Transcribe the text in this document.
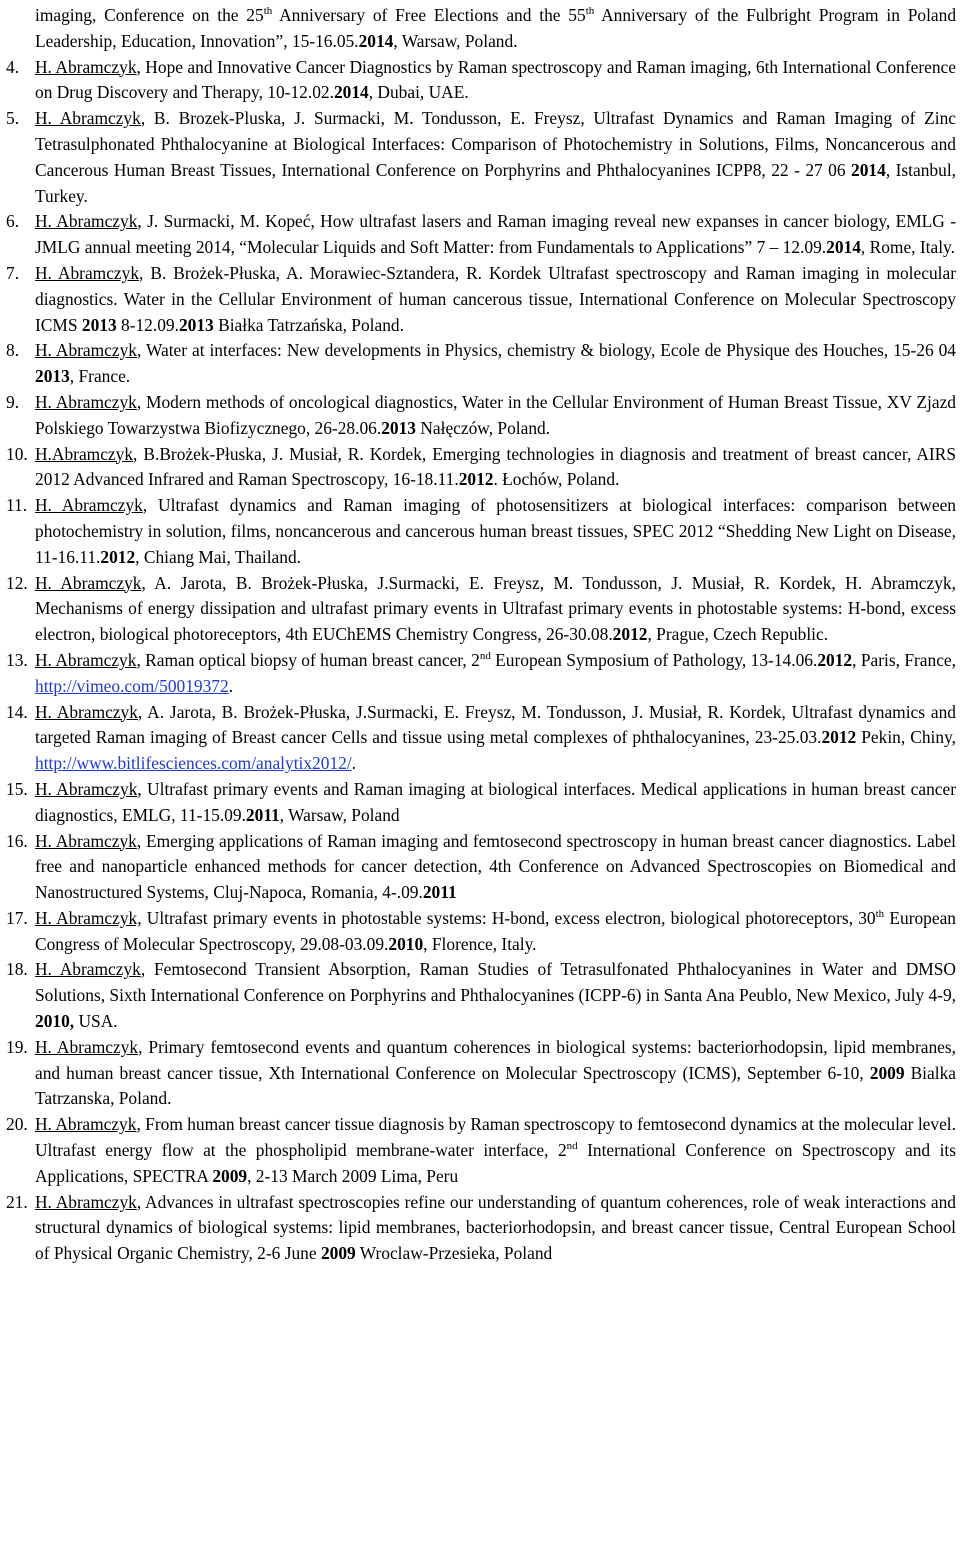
imaging, Conference on the 25th Anniversary of Free Elections and the 55th Anniversary of the Fulbright Program in Poland Leadership, Education, Innovation”, 15-16.05.2014, Warsaw, Poland.
4. H. Abramczyk, Hope and Innovative Cancer Diagnostics by Raman spectroscopy and Raman imaging, 6th International Conference on Drug Discovery and Therapy, 10-12.02.2014, Dubai, UAE.
5. H. Abramczyk, B. Brozek-Pluska, J. Surmacki, M. Tondusson, E. Freysz, Ultrafast Dynamics and Raman Imaging of Zinc Tetrasulphonated Phthalocyanine at Biological Interfaces: Comparison of Photochemistry in Solutions, Films, Noncancerous and Cancerous Human Breast Tissues, International Conference on Porphyrins and Phthalocyanines ICPP8, 22 - 27 06 2014, Istanbul, Turkey.
6. H. Abramczyk, J. Surmacki, M. Kopeć, How ultrafast lasers and Raman imaging reveal new expanses in cancer biology, EMLG - JMLG annual meeting 2014, “Molecular Liquids and Soft Matter: from Fundamentals to Applications” 7 – 12.09.2014, Rome, Italy.
7. H. Abramczyk, B. Brożek-Płuska, A. Morawiec-Sztandera, R. Kordek Ultrafast spectroscopy and Raman imaging in molecular diagnostics. Water in the Cellular Environment of human cancerous tissue, International Conference on Molecular Spectroscopy ICMS 2013 8-12.09.2013 Białka Tatrzańska, Poland.
8. H. Abramczyk, Water at interfaces: New developments in Physics, chemistry & biology, Ecole de Physique des Houches, 15-26 04 2013, France.
9. H. Abramczyk, Modern methods of oncological diagnostics, Water in the Cellular Environment of Human Breast Tissue, XV Zjazd Polskiego Towarzystwa Biofizycznego, 26-28.06.2013 Nałęczów, Poland.
10. H.Abramczyk, B.Brożek-Płuska, J. Musiał, R. Kordek, Emerging technologies in diagnosis and treatment of breast cancer, AIRS 2012 Advanced Infrared and Raman Spectroscopy, 16-18.11.2012. Łochów, Poland.
11. H. Abramczyk, Ultrafast dynamics and Raman imaging of photosensitizers at biological interfaces: comparison between photochemistry in solution, films, noncancerous and cancerous human breast tissues, SPEC 2012 “Shedding New Light on Disease, 11-16.11.2012, Chiang Mai, Thailand.
12. H. Abramczyk, A. Jarota, B. Brożek-Płuska, J.Surmacki, E. Freysz, M. Tondusson, J. Musiał, R. Kordek, H. Abramczyk, Mechanisms of energy dissipation and ultrafast primary events in Ultrafast primary events in photostable systems: H-bond, excess electron, biological photoreceptors, 4th EUChEMS Chemistry Congress, 26-30.08.2012, Prague, Czech Republic.
13. H. Abramczyk, Raman optical biopsy of human breast cancer, 2nd European Symposium of Pathology, 13-14.06.2012, Paris, France, http://vimeo.com/50019372.
14. H. Abramczyk, A. Jarota, B. Brożek-Płuska, J.Surmacki, E. Freysz, M. Tondusson, J. Musiał, R. Kordek, Ultrafast dynamics and targeted Raman imaging of Breast cancer Cells and tissue using metal complexes of phthalocyanines, 23-25.03.2012 Pekin, Chiny, http://www.bitlifesciences.com/analytix2012/.
15. H. Abramczyk, Ultrafast primary events and Raman imaging at biological interfaces. Medical applications in human breast cancer diagnostics, EMLG, 11-15.09.2011, Warsaw, Poland
16. H. Abramczyk, Emerging applications of Raman imaging and femtosecond spectroscopy in human breast cancer diagnostics. Label free and nanoparticle enhanced methods for cancer detection, 4th Conference on Advanced Spectroscopies on Biomedical and Nanostructured Systems, Cluj-Napoca, Romania, 4-.09.2011
17. H. Abramczyk, Ultrafast primary events in photostable systems: H-bond, excess electron, biological photoreceptors, 30th European Congress of Molecular Spectroscopy, 29.08-03.09.2010, Florence, Italy.
18. H. Abramczyk, Femtosecond Transient Absorption, Raman Studies of Tetrasulfonated Phthalocyanines in Water and DMSO Solutions, Sixth International Conference on Porphyrins and Phthalocyanines (ICPP-6) in Santa Ana Peublo, New Mexico, July 4-9, 2010, USA.
19. H. Abramczyk, Primary femtosecond events and quantum coherences in biological systems: bacteriorhodopsin, lipid membranes, and human breast cancer tissue, Xth International Conference on Molecular Spectroscopy (ICMS), September 6-10, 2009 Bialka Tatrzanska, Poland.
20. H. Abramczyk, From human breast cancer tissue diagnosis by Raman spectroscopy to femtosecond dynamics at the molecular level. Ultrafast energy flow at the phospholipid membrane-water interface, 2nd International Conference on Spectroscopy and its Applications, SPECTRA 2009, 2-13 March 2009 Lima, Peru
21. H. Abramczyk, Advances in ultrafast spectroscopies refine our understanding of quantum coherences, role of weak interactions and structural dynamics of biological systems: lipid membranes, bacteriorhodopsin, and breast cancer tissue, Central European School of Physical Organic Chemistry, 2-6 June 2009 Wroclaw-Przesieka, Poland
